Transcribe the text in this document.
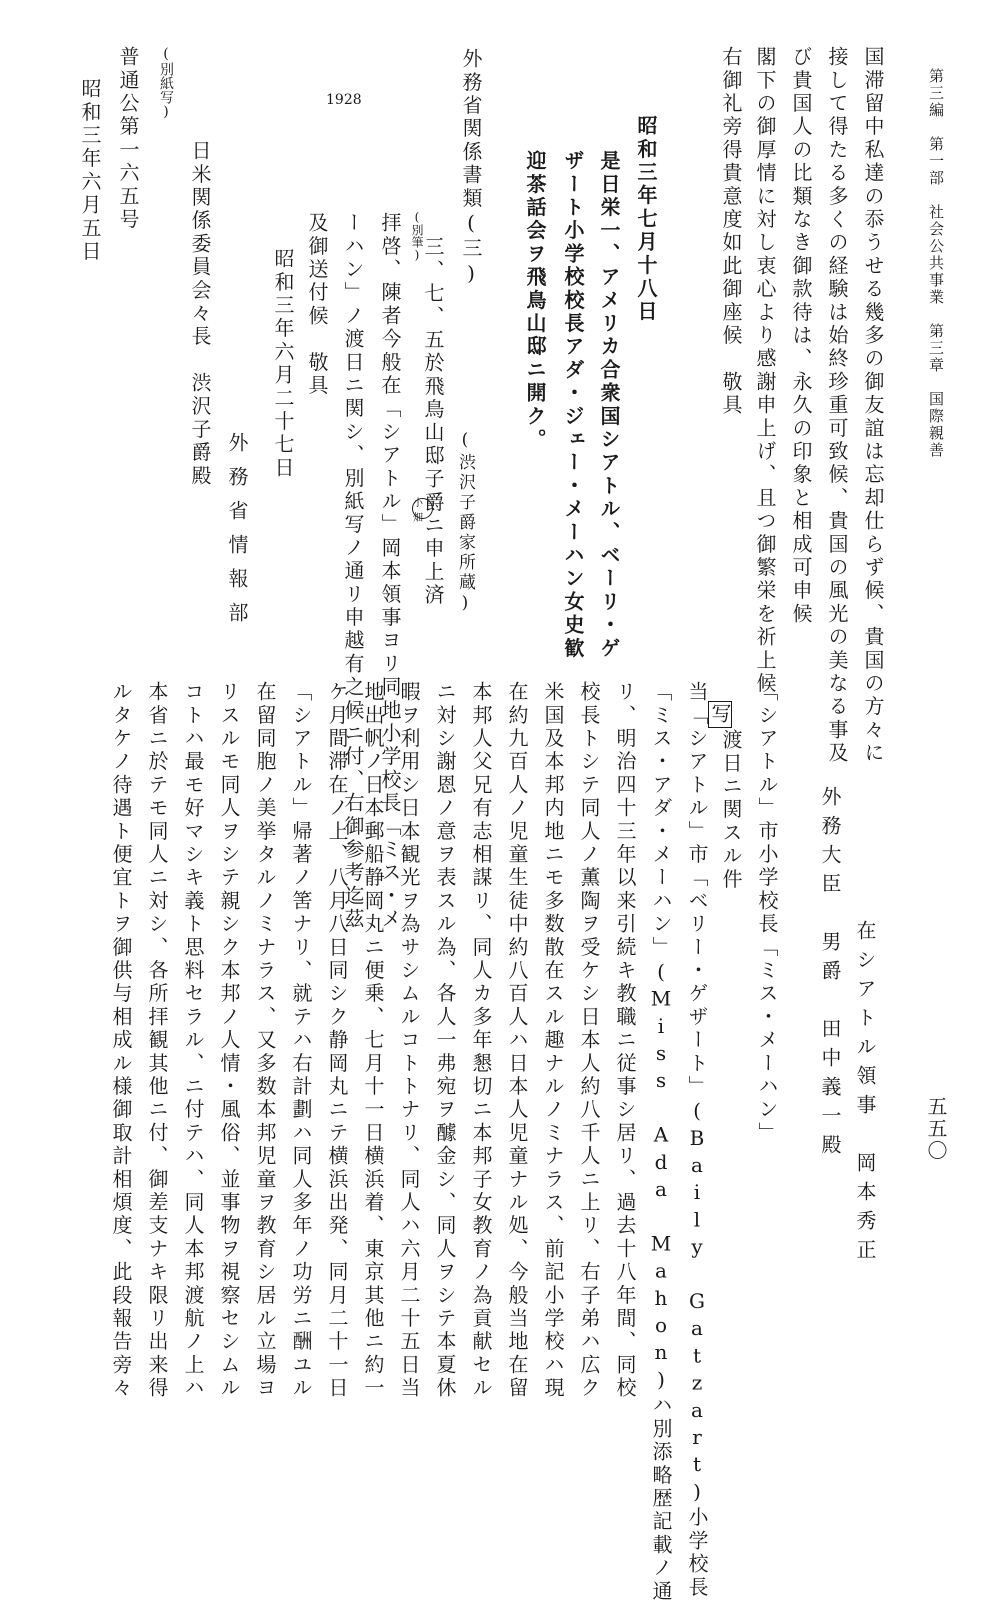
第三編　第一部　社会公共事業　第三章　国際親善
国滞留中私達の忝うせる幾多の御友誼は忘却仕らず候、貴国の方々に
接して得たる多くの経験は始終珍重可致候、貴国の風光の美なる事及
び貴国人の比類なき御款待は、永久の印象と相成可申候
閣下の御厚情に対し衷心より感謝申上げ、且つ御繁栄を祈上候
右御礼旁得貴意度如此御座候　敬具
1928
昭和三年七月十八日
是日栄一、アメリカ合衆国シアトル、ベーリ・ゲ
ザート小学校校長アダ・ジェー・メーハン女史歓
迎茶話会ヲ飛鳥山邸ニ開ク。
外務省関係書類(三)
(渋沢子爵家所蔵)
(別筆)
三、七、五於飛鳥山邸子爵ニ申上済
小畑
拝啓、陳者今般在「シアトル」岡本領事ヨリ同地小学校長「ミス・メ
ーハン」ノ渡日ニ関シ、別紙写ノ通リ申越有之候ニ付、右御参考迄茲
及御送付候　敬具
昭和三年六月二十七日
外務省情報部
日米関係委員会々長　渋沢子爵殿
(別紙写)
普通公第一六五号
昭和三年六月五日
五五〇
在シアトル領事　岡本秀正
外務大臣　男爵　田中義一殿
「シアトル」市小学校長「ミス・メーハン」
渡日ニ関スル件
写
当「シアトル」市「ベリー・ゲザート」(Baily Gatzart)小学校長
「ミス・アダ・メーハン」(Miss Ada Mahon)ハ別添略歴記載ノ通
リ、明治四十三年以来引続キ教職ニ従事シ居リ、過去十八年間、同校
校長トシテ同人ノ薫陶ヲ受ケシ日本人約八千人ニ上リ、右子弟ハ広ク
米国及本邦内地ニモ多数散在スル趣ナルノミナラス、前記小学校ハ現
在約九百人ノ児童生徒中約八百人ハ日本人児童ナル処、今般当地在留
本邦人父兄有志相謀リ、同人カ多年懇切ニ本邦子女教育ノ為貢献セル
ニ対シ謝恩ノ意ヲ表スル為、各人一弗宛ヲ醵金シ、同人ヲシテ本夏休
暇ヲ利用シ日本観光ヲ為サシムルコトトナリ、同人ハ六月二十五日当
地出帆ノ日本郵船静岡丸ニ便乗、七月十一日横浜着、東京其他ニ約一
ケ月間滞在ノ上、八月八日同シク静岡丸ニテ横浜出発、同月二十一日
「シアトル」帰著ノ筈ナリ、就テハ右計劃ハ同人多年ノ功労ニ酬ユル
在留同胞ノ美挙タルノミナラス、又多数本邦児童ヲ教育シ居ル立場ヨ
リスルモ同人ヲシテ親シク本邦ノ人情・風俗、並事物ヲ視察セシムル
コトハ最モ好マシキ義ト思料セラル、ニ付テハ、同人本邦渡航ノ上ハ
本省ニ於テモ同人ニ対シ、各所拝観其他ニ付、御差支ナキ限リ出来得
ルタケノ待遇ト便宜トヲ御供与相成ル様御取計相煩度、此段報告旁々
